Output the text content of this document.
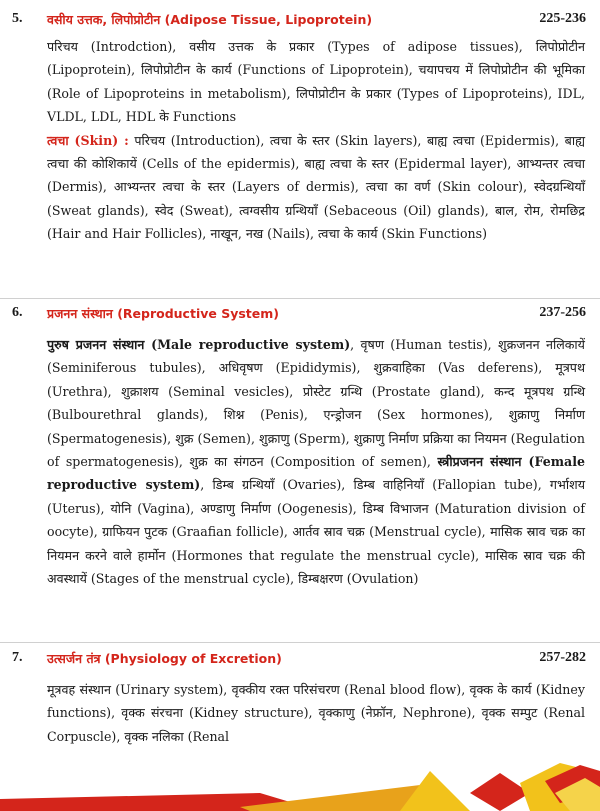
5. वसीय उत्तक, लिपोप्रोटीन (Adipose Tissue, Lipoprotein)	225-236

परिचय (Introdction), वसीय उत्तक के प्रकार (Types of adipose tissues), लिपोप्रोटीन (Lipoprotein), लिपोप्रोटीन के कार्य (Functions of Lipoprotein), चयापचय में लिपोप्रोटीन की भूमिका (Role of Lipoproteins in metabolism), लिपोप्रोटीन के प्रकार (Types of Lipoproteins), IDL, VLDL, LDL, HDL के Functions

त्वचा (Skin) : परिचय (Introduction), त्वचा के स्तर (Skin layers), बाह्य त्वचा (Epidermis), बाह्य त्वचा की कोशिकायें (Cells of the epidermis), बाह्य त्वचा के स्तर (Epidermal layer), आभ्यन्तर त्वचा (Dermis), आभ्यन्तर त्वचा के स्तर (Layers of dermis), त्वचा का वर्ण (Skin colour), स्वेदग्रन्थियाँ (Sweat glands), स्वेद (Sweat), त्वग्वसीय ग्रन्थियाँ (Sebaceous (Oil) glands), बाल, रोम, रोमछिद्र (Hair and Hair Follicles), नाखून, नख (Nails), त्वचा के कार्य (Skin Functions)

6. प्रजनन संस्थान (Reproductive System)	237-256

पुरुष प्रजनन संस्थान (Male reproductive system), वृषण (Human testis), शुक्रजनन नलिकायें (Seminiferous tubules), अधिवृषण (Epididymis), शुक्रवाहिका (Vas deferens), मूत्रपथ (Urethra), शुक्राशय (Seminal vesicles), प्रोस्टेट ग्रन्थि (Prostate gland), कन्द मूत्रपथ ग्रन्थि (Bulbourethral glands), शिश्न (Penis), एन्ड्रोजन (Sex hormones), शुक्राणु निर्माण (Spermatogenesis), शुक्र (Semen), शुक्राणु (Sperm), शुक्राणु निर्माण प्रक्रिया का नियमन (Regulation of spermatogenesis), शुक्र का संगठन (Composition of semen), स्त्रीप्रजनन संस्थान (Female reproductive system), डिम्ब ग्रन्थियाँ (Ovaries), डिम्ब वाहिनियाँ (Fallopian tube), गर्भाशय (Uterus), योनि (Vagina), अण्डाणु निर्माण (Oogenesis), डिम्ब विभाजन (Maturation division of oocyte), ग्राफियन पुटक (Graafian follicle), आर्तव स्राव चक्र (Menstrual cycle), मासिक स्राव चक्र का नियमन करने वाले हार्मोन (Hormones that regulate the menstrual cycle), मासिक स्राव चक्र की अवस्थायें (Stages of the menstrual cycle), डिम्बक्षरण (Ovulation)

7. उत्सर्जन तंत्र (Physiology of Excretion)	257-282

मूत्रवह संस्थान (Urinary system), वृक्कीय रक्त परिसंचरण (Renal blood flow), वृक्क के कार्य (Kidney functions), वृक्क संरचना (Kidney structure), वृक्काणु (नेफ्रॉन, Nephrone), वृक्क सम्पुट (Renal Corpuscle), वृक्क नलिका (Renal
